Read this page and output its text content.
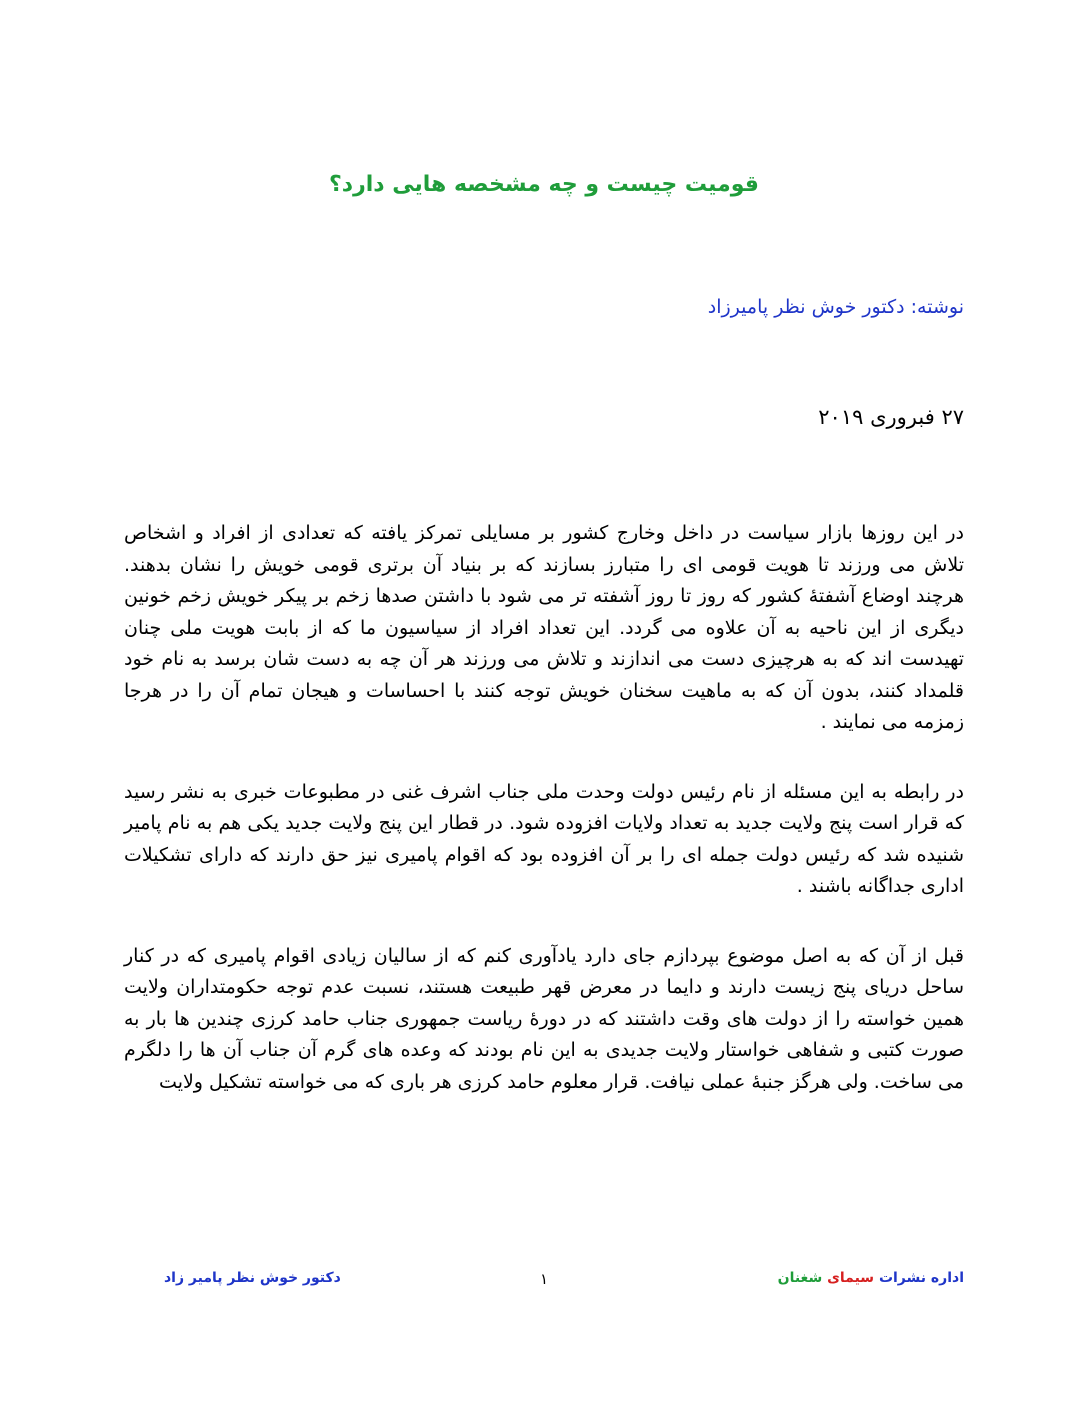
قومیت چیست و چه مشخصه هایی دارد؟
نوشته: دکتور خوش نظر پامیرزاد
۲۷ فبروری ۲۰۱۹

در این روزها بازار سیاست در داخل وخارج کشور بر مسایلی تمرکز یافته که تعدادی از افراد و اشخاص تلاش می ورزند تا هویت قومی ای را متبارز بسازند که بر بنیاد آن برتری قومی خویش را نشان بدهند. هرچند اوضاع آشفتهٔ کشور که روز تا روز آشفته تر می شود با داشتن صدها زخم بر پیکر خویش زخم خونین دیگری از این ناحیه به آن علاوه می گردد. این تعداد افراد از سیاسیون ما که از بابت هویت ملی چنان تهیدست اند که به هرچیزی دست می اندازند و تلاش می ورزند هر آن چه به دست شان برسد به نام خود قلمداد کنند، بدون آن که به ماهیت سخنان خویش توجه کنند با احساسات و هیجان تمام آن را در هرجا زمزمه می نمایند .

در رابطه به این مسئله از نام رئیس دولت وحدت ملی جناب اشرف غنی در مطبوعات خبری به نشر رسید که قرار است پنج ولایت جدید به تعداد ولایات افزوده شود. در قطار این پنج ولایت جدید یکی هم به نام پامیر شنیده شد که رئیس دولت جمله ای را بر آن افزوده بود که اقوام پامیری نیز حق دارند که دارای تشکیلات اداری جداگانه باشند .

قبل از آن که به اصل موضوع بپردازم جای دارد یادآوری کنم که از سالیان زیادی اقوام پامیری که در کنار ساحل دریای پنج زیست دارند و دایما در معرض قهر طبیعت هستند، نسبت عدم توجه حکومتداران ولایت همین خواسته را از دولت های وقت داشتند که در دورهٔ ریاست جمهوری جناب حامد کرزی چندین ها بار به صورت کتبی و شفاهی خواستار ولایت جدیدی به این نام بودند که وعده های گرم آن جناب آن ها را دلگرم می ساخت. ولی هرگز جنبهٔ عملی نیافت. قرار معلوم حامد کرزی هر باری که می خواسته تشکیل ولایت

اداره نشرات سیمای شغنان
۱
دکتور خوش نظر پامیر زاد
